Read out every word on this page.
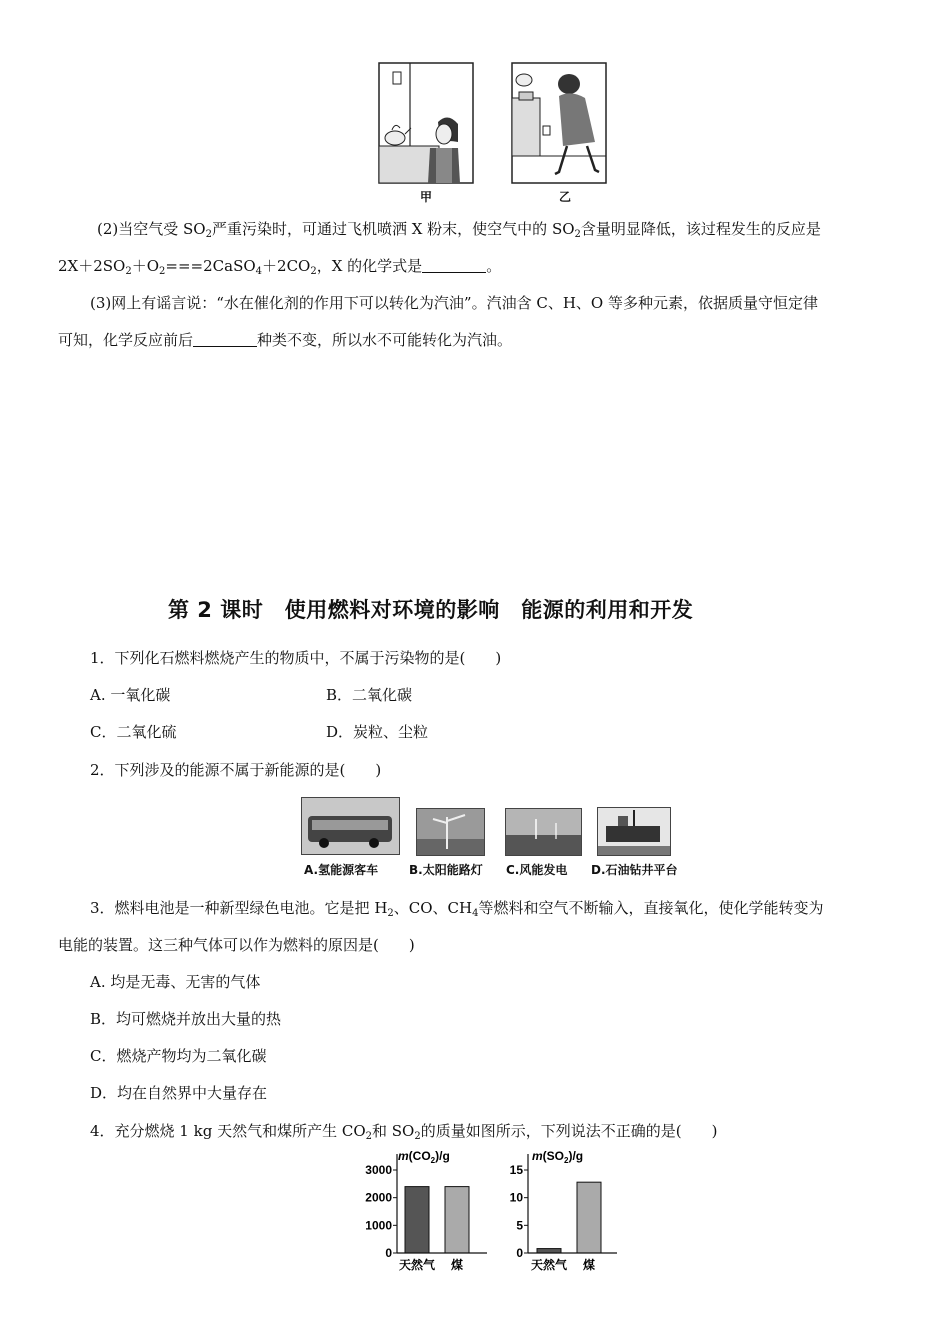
甲	乙
(2)当空气受 $SO_2$严重污染时，可通过飞机喷洒 X 粉末，使空气中的 $SO_2$含量明显降低，该过程发生的反应是
$2X+2SO_2+O_2===2CaSO_4+2CO_2$，X 的化学式是	。
(3)网上有谣言说：“水在催化剂的作用下可以转化为汽油”。汽油含 C、H、O 等多种元素，依据质量守恒定律
可知，化学反应前后	种类不变，所以水不可能转化为汽油。
第 2 课时　使用燃料对环境的影响　能源的利用和开发
1．下列化石燃料燃烧产生的物质中，不属于污染物的是(　　)
A. 一氧化碳	B．二氧化碳
C．二氧化硫	D．炭粒、尘粒
2．下列涉及的能源不属于新能源的是(　　)
A.氢能源客车	B.太阳能路灯 C.风能发电 D.石油钻井平台
3．燃料电池是一种新型绿色电池。它是把 $H_2$、CO、$CH_4$等燃料和空气不断输入，直接氧化，使化学能转变为
电能的装置。这三种气体可以作为燃料的原因是(　　)
A. 均是无毒、无害的气体
B．均可燃烧并放出大量的热
C．燃烧产物均为二氧化碳
D．均在自然界中大量存在
4．充分燃烧 1 kg 天然气和煤所产生 $CO_2$和 $SO_2$的质量如图所示，下列说法不正确的是(　　)
$m(CO_2)/g$
0
1000
2000
3000
天然气 煤
$m(SO_2)/g$
0
5
10
15
天然气 煤
